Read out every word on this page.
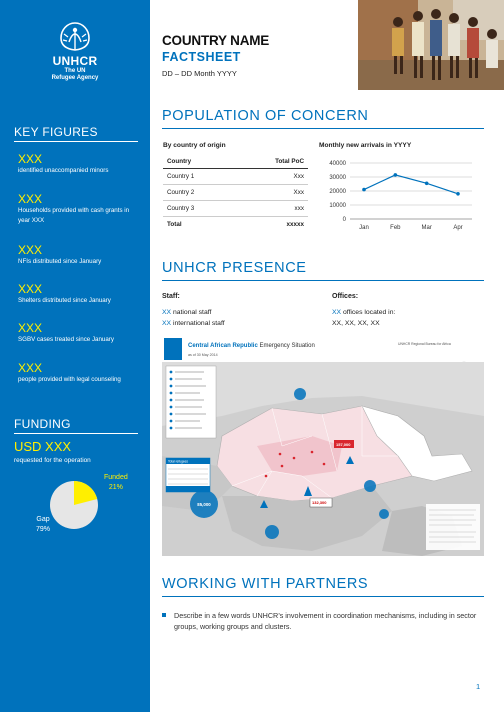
UNHCR
The UN
Refugee Agency
KEY FIGURES
XXX
identified unaccompanied minors
XXX
Households provided with cash grants in year XXX
XXX
NFIs distributed since January
XXX
Shelters distributed since January
XXX
SGBV cases treated since January
XXX
people provided with legal counseling
FUNDING
USD XXX
requested for the operation
Funded
21%
Gap
79%
COUNTRY NAME
FACTSHEET
DD – DD Month YYYY
POPULATION OF CONCERN
By country of origin
Country	Total PoC
Country 1	Xxx
Country 2	Xxx
Country 3	xxx
Total	xxxxx
Monthly new arrivals in YYYY
0
10000
20000
30000
40000
Jan	Feb	Mar	Apr
UNHCR PRESENCE
Staff:
XX national staff
XX international staff
Offices:
XX offices located in:
XX, XX, XX, XX
Central African Republic Emergency Situation
as of 30 May 2014
UNHCR Regional Bureau for Africa
Total refugees
85,000	132,300
157,000
WORKING WITH PARTNERS
Describe in a few words UNHCR’s involvement in coordination mechanisms, including in sector groups, working groups and clusters.
1
